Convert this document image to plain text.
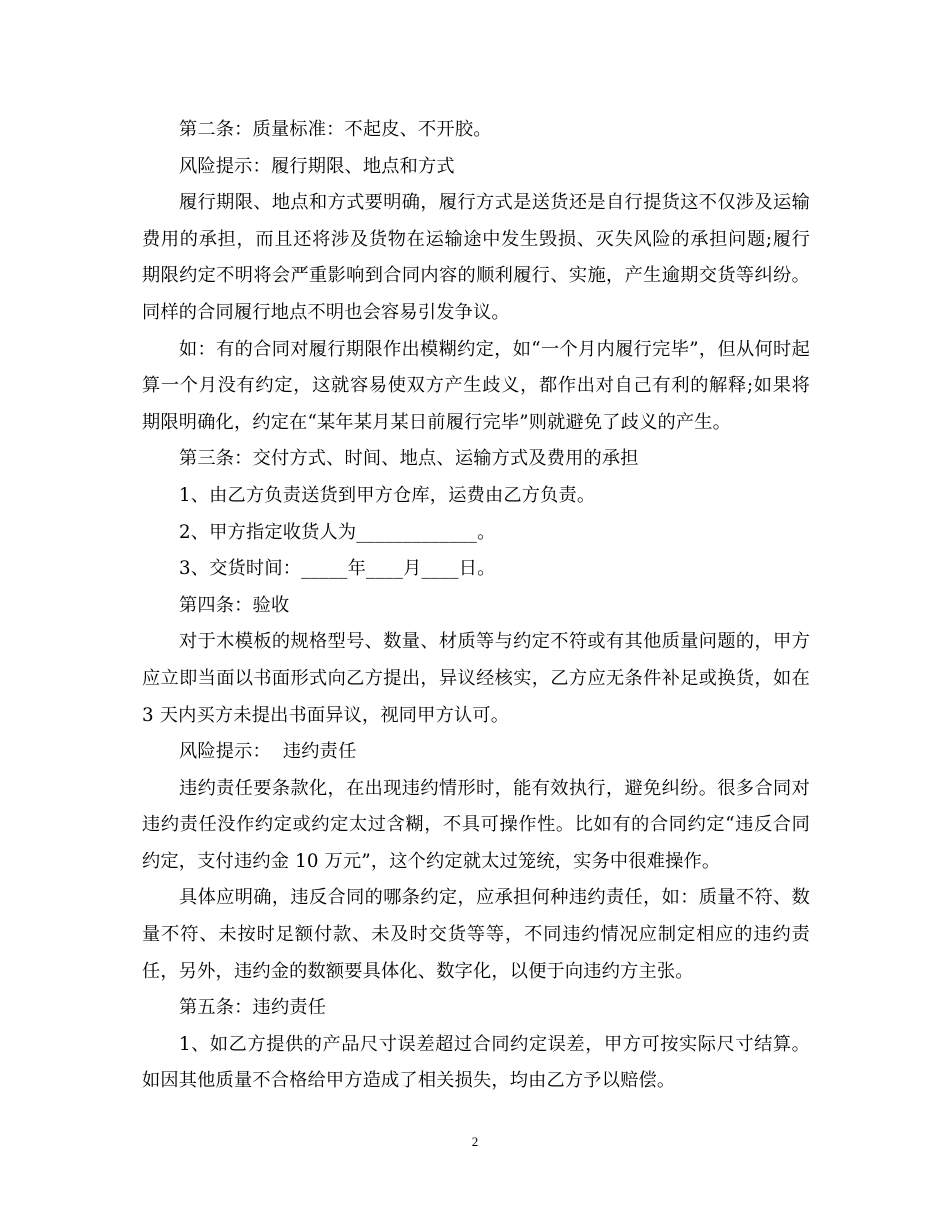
第二条：质量标准：不起皮、不开胶。

风险提示：履行期限、地点和方式

履行期限、地点和方式要明确，履行方式是送货还是自行提货这不仅涉及运输费用的承担，而且还将涉及货物在运输途中发生毁损、灭失风险的承担问题;履行期限约定不明将会严重影响到合同内容的顺利履行、实施，产生逾期交货等纠纷。同样的合同履行地点不明也会容易引发争议。

如：有的合同对履行期限作出模糊约定，如“一个月内履行完毕”，但从何时起算一个月没有约定，这就容易使双方产生歧义，都作出对自己有利的解释;如果将期限明确化，约定在“某年某月某日前履行完毕”则就避免了歧义的产生。

第三条：交付方式、时间、地点、运输方式及费用的承担

1、由乙方负责送货到甲方仓库，运费由乙方负责。

2、甲方指定收货人为_____________。

3、交货时间：_____年____月____日。

第四条：验收

对于木模板的规格型号、数量、材质等与约定不符或有其他质量问题的，甲方应立即当面以书面形式向乙方提出，异议经核实，乙方应无条件补足或换货，如在 3 天内买方未提出书面异议，视同甲方认可。

风险提示：  违约责任

违约责任要条款化，在出现违约情形时，能有效执行，避免纠纷。很多合同对违约责任没作约定或约定太过含糊，不具可操作性。比如有的合同约定“违反合同约定，支付违约金 10 万元”，这个约定就太过笼统，实务中很难操作。

具体应明确，违反合同的哪条约定，应承担何种违约责任，如：质量不符、数量不符、未按时足额付款、未及时交货等等，不同违约情况应制定相应的违约责任，另外，违约金的数额要具体化、数字化，以便于向违约方主张。

第五条：违约责任

1、如乙方提供的产品尺寸误差超过合同约定误差，甲方可按实际尺寸结算。如因其他质量不合格给甲方造成了相关损失，均由乙方予以赔偿。

2
